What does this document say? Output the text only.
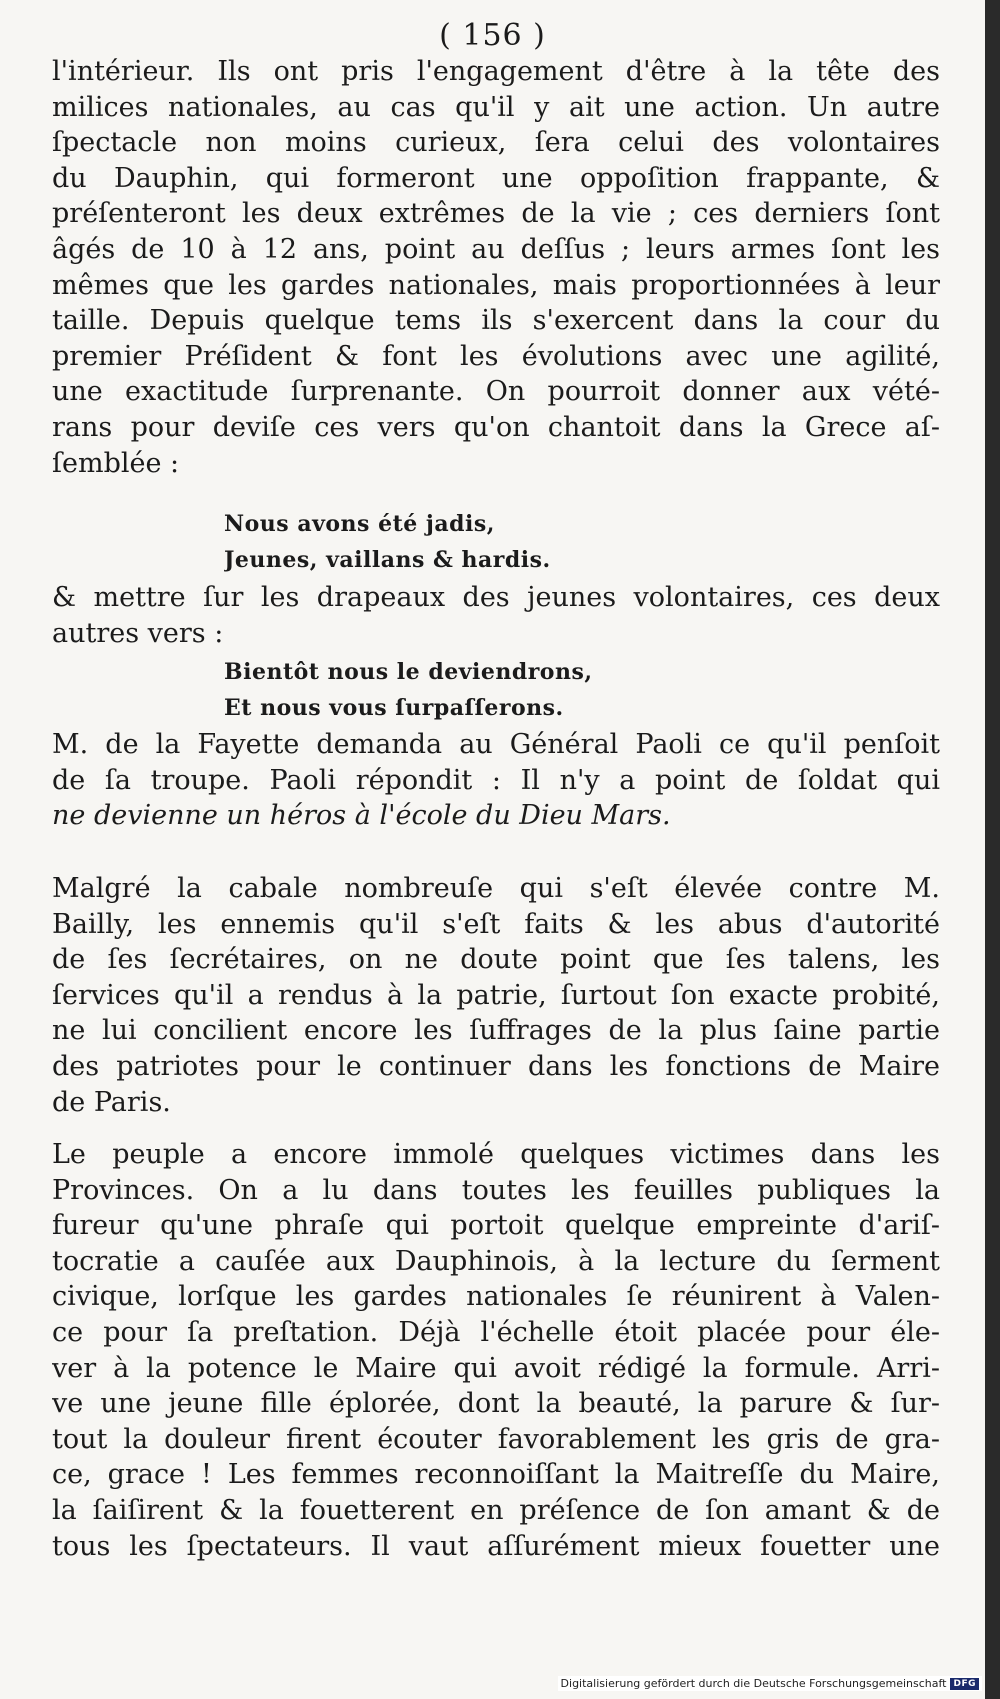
( 156 )
l'intérieur. Ils ont pris l'engagement d'être à la tête des
milices nationales, au cas qu'il y ait une action. Un autre
ſpectacle non moins curieux, ſera celui des volontaires
du Dauphin, qui formeront une oppoſition frappante, &
préſenteront les deux extrêmes de la vie ; ces derniers ſont
âgés de 10 à 12 ans, point au deſſus ; leurs armes ſont les
mêmes que les gardes nationales, mais proportionnées à leur
taille. Depuis quelque tems ils s'exercent dans la cour du
premier Préſident & font les évolutions avec une agilité,
une exactitude ſurprenante. On pourroit donner aux vété-
rans pour deviſe ces vers qu'on chantoit dans la Grece aſ-
ſemblée :
Nous avons été jadis,
Jeunes, vaillans & hardis.
& mettre ſur les drapeaux des jeunes volontaires, ces deux
autres vers :
Bientôt nous le deviendrons,
Et nous vous ſurpaſſerons.
M. de la Fayette demanda au Général Paoli ce qu'il penſoit
de ſa troupe. Paoli répondit : Il n'y a point de ſoldat qui
ne devienne un héros à l'école du Dieu Mars.
Malgré la cabale nombreuſe qui s'eſt élevée contre M.
Bailly, les ennemis qu'il s'eſt faits & les abus d'autorité
de ſes ſecrétaires, on ne doute point que ſes talens, les
ſervices qu'il a rendus à la patrie, ſurtout ſon exacte probité,
ne lui concilient encore les ſuffrages de la plus ſaine partie
des patriotes pour le continuer dans les fonctions de Maire
de Paris.
Le peuple a encore immolé quelques victimes dans les
Provinces. On a lu dans toutes les feuilles publiques la
fureur qu'une phraſe qui portoit quelque empreinte d'ariſ-
tocratie a cauſée aux Dauphinois, à la lecture du ſerment
civique, lorſque les gardes nationales ſe réunirent à Valen-
ce pour ſa preſtation. Déjà l'échelle étoit placée pour éle-
ver à la potence le Maire qui avoit rédigé la formule. Arri-
ve une jeune fille éplorée, dont la beauté, la parure & ſur-
tout la douleur firent écouter favorablement les gris de gra-
ce, grace ! Les femmes reconnoiſſant la Maitreſſe du Maire,
la ſaiſirent & la fouetterent en préſence de ſon amant & de
tous les ſpectateurs. Il vaut aſſurément mieux fouetter une
Digitalisierung gefördert durch die Deutsche Forschungsgemeinschaft DFG
